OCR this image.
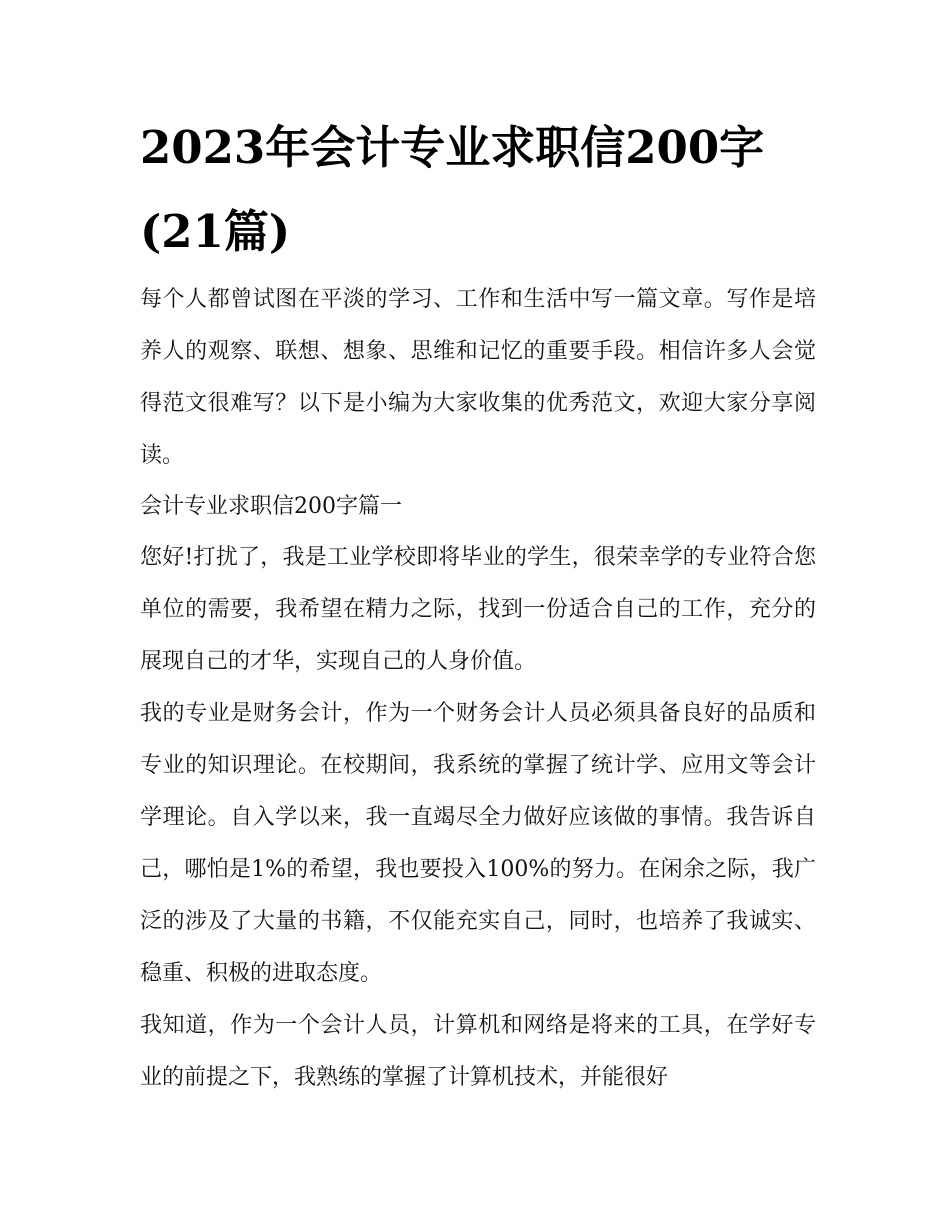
2023年会计专业求职信200字(21篇)

每个人都曾试图在平淡的学习、工作和生活中写一篇文章。写作是培养人的观察、联想、想象、思维和记忆的重要手段。相信许多人会觉得范文很难写？以下是小编为大家收集的优秀范文，欢迎大家分享阅读。

会计专业求职信200字篇一

您好!打扰了，我是工业学校即将毕业的学生，很荣幸学的专业符合您单位的需要，我希望在精力之际，找到一份适合自己的工作，充分的展现自己的才华，实现自己的人身价值。

我的专业是财务会计，作为一个财务会计人员必须具备良好的品质和专业的知识理论。在校期间，我系统的掌握了统计学、应用文等会计学理论。自入学以来，我一直竭尽全力做好应该做的事情。我告诉自己，哪怕是1%的希望，我也要投入100%的努力。在闲余之际，我广泛的涉及了大量的书籍，不仅能充实自己，同时，也培养了我诚实、稳重、积极的进取态度。

我知道，作为一个会计人员，计算机和网络是将来的工具，在学好专业的前提之下，我熟练的掌握了计算机技术，并能很好
